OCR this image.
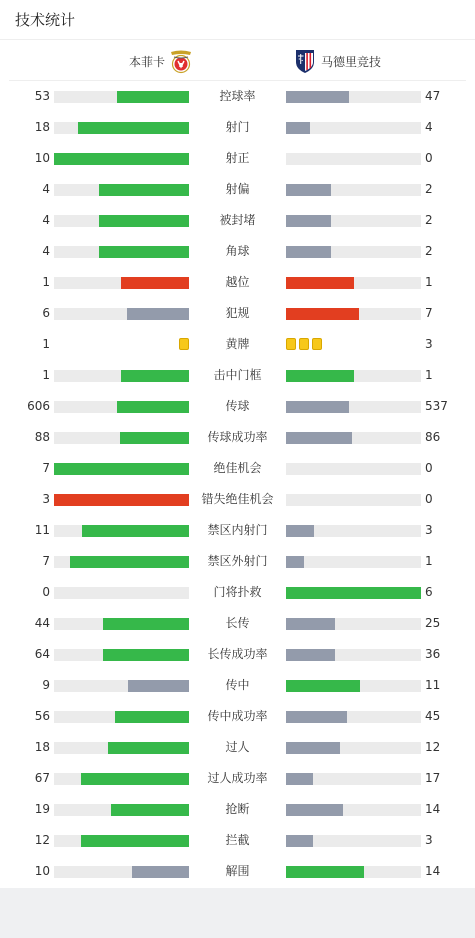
技术统计
本菲卡	马德里竞技
53	控球率	47
18	射门	4
10	射正	0
4	射偏	2
4	被封堵	2
4	角球	2
1	越位	1
6	犯规	7
1	黄牌	3
1	击中门框	1
606	传球	537
88	传球成功率	86
7	绝佳机会	0
3	错失绝佳机会	0
11	禁区内射门	3
7	禁区外射门	1
0	门将扑救	6
44	长传	25
64	长传成功率	36
9	传中	11
56	传中成功率	45
18	过人	12
67	过人成功率	17
19	抢断	14
12	拦截	3
10	解围	14
